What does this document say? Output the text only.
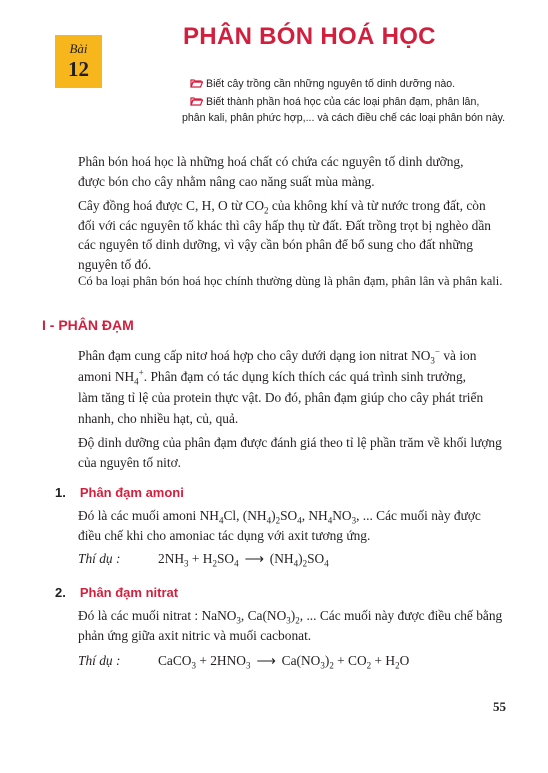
Bài
12
PHÂN BÓN HOÁ HỌC
Biết cây trồng cần những nguyên tố dinh dưỡng nào.
Biết thành phần hoá học của các loại phân đạm, phân lân,
phân kali, phân phức hợp,... và cách điều chế các loại phân bón này.

Phân bón hoá học là những hoá chất có chứa các nguyên tố dinh dưỡng,

được bón cho cây nhằm nâng cao năng suất mùa màng.

Cây đồng hoá được C, H, O từ $CO_2$ của không khí và từ nước trong đất, còn

đối với các nguyên tố khác thì cây hấp thụ từ đất. Đất trồng trọt bị nghèo dần

các nguyên tố dinh dưỡng, vì vậy cần bón phân để bổ sung cho đất những

nguyên tố đó.

Có ba loại phân bón hoá học chính thường dùng là phân đạm, phân lân và phân kali.

I - PHÂN ĐẠM

Phân đạm cung cấp nitơ hoá hợp cho cây dưới dạng ion nitrat $NO_3^-$ và ion

amoni $NH_4^+$. Phân đạm có tác dụng kích thích các quá trình sinh trưởng,

làm tăng tỉ lệ của protein thực vật. Do đó, phân đạm giúp cho cây phát triển

nhanh, cho nhiều hạt, củ, quả.

Độ dinh dưỡng của phân đạm được đánh giá theo tỉ lệ phần trăm về khối lượng

của nguyên tố nitơ.

1. Phân đạm amoni

Đó là các muối amoni $NH_4Cl$, $(NH_4)_2SO_4$, $NH_4NO_3$, ... Các muối này được

điều chế khi cho amoniac tác dụng với axit tương ứng.

Thí dụ :	$2NH_3 + H_2SO_4$ ⟶ $(NH_4)_2SO_4$
2. Phân đạm nitrat

Đó là các muối nitrat : NaNO$_3$, $Ca(NO_3)_2$, ... Các muối này được điều chế bằng

phản ứng giữa axit nitric và muối cacbonat.

Thí dụ :	CaCO$_3$ + $2HNO_3$ ⟶ $Ca(NO_3)_2 + CO_2 + H_2O$
55
